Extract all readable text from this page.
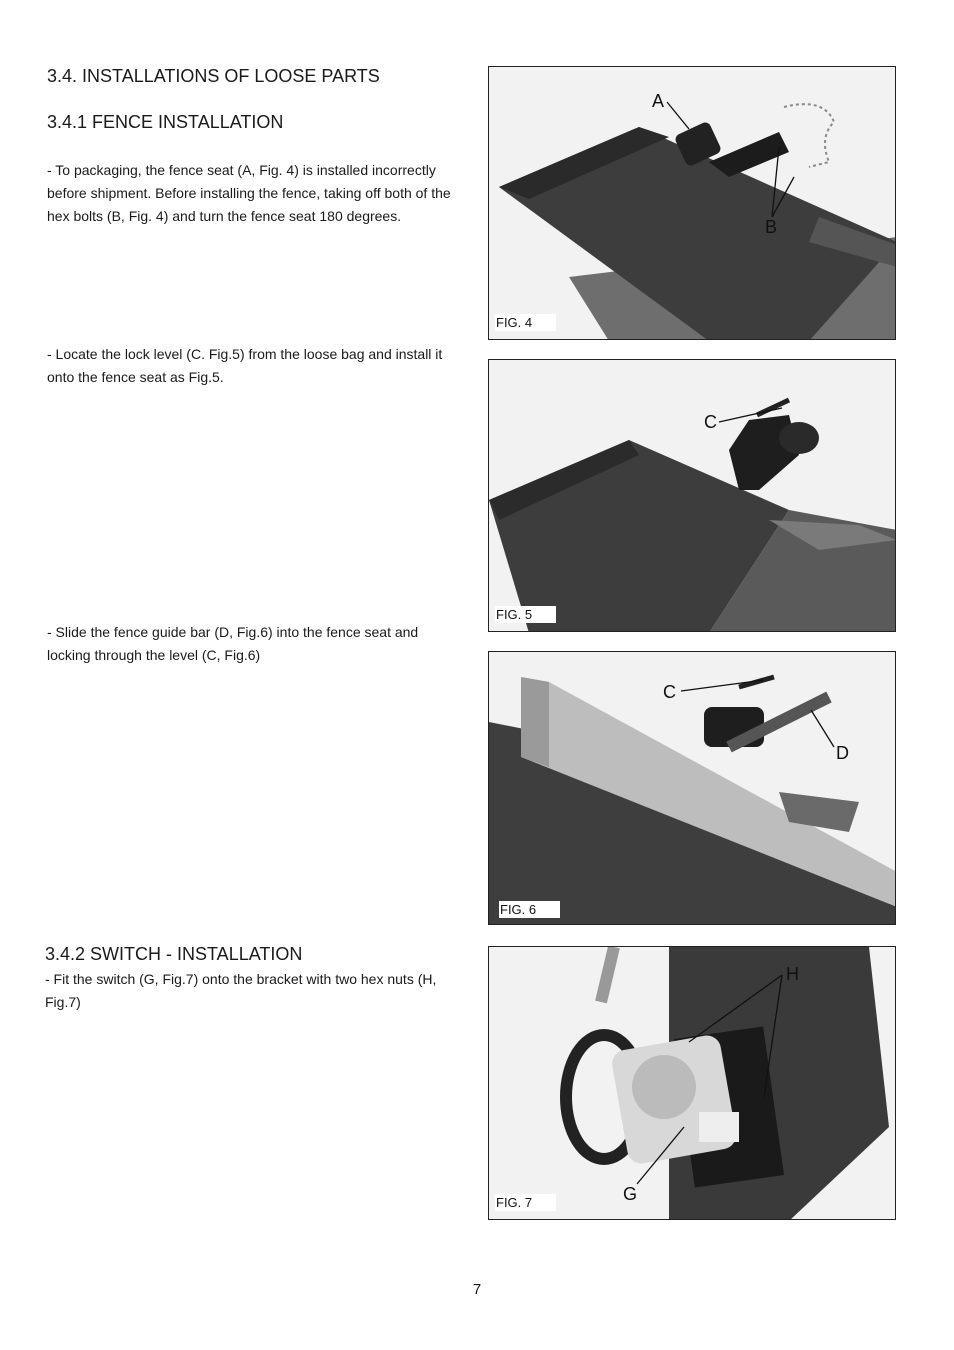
3.4. INSTALLATIONS OF LOOSE PARTS
3.4.1 FENCE INSTALLATION

- To packaging, the fence seat (A, Fig. 4) is installed incorrectly before shipment. Before installing the fence, taking off both of the hex bolts (B, Fig. 4) and turn the fence seat 180 degrees.

- Locate the lock level (C. Fig.5) from the loose bag and install it onto the fence seat as Fig.5.

- Slide the fence guide bar (D, Fig.6) into the fence seat and locking through the level (C, Fig.6)

3.4.2 SWITCH - INSTALLATION

- Fit the switch (G, Fig.7) onto the bracket with two hex nuts (H, Fig.7)

A
B
FIG. 4
C
FIG. 5
C
D
FIG. 6
H
G
FIG. 7
7
